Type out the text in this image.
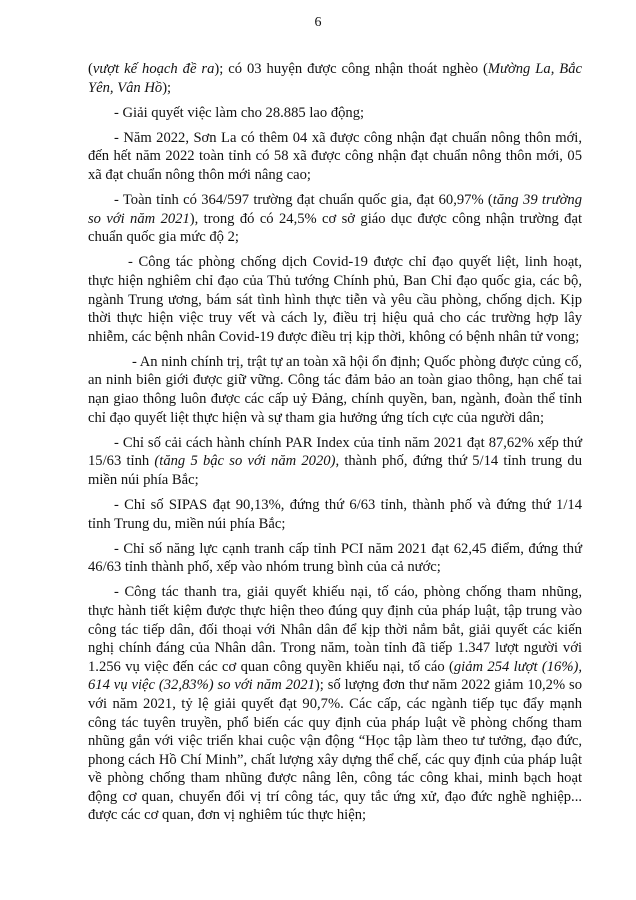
6

(vượt kế hoạch đề ra); có 03 huyện được công nhận thoát nghèo (Mường La, Bắc Yên, Vân Hồ);

- Giải quyết việc làm cho 28.885 lao động;

- Năm 2022, Sơn La có thêm 04 xã được công nhận đạt chuẩn nông thôn mới, đến hết năm 2022 toàn tỉnh có 58 xã được công nhận đạt chuẩn nông thôn mới, 05 xã đạt chuẩn nông thôn mới nâng cao;

- Toàn tỉnh có 364/597 trường đạt chuẩn quốc gia, đạt 60,97% (tăng 39 trường so với năm 2021), trong đó có 24,5% cơ sở giáo dục được công nhận trường đạt chuẩn quốc gia mức độ 2;

- Công tác phòng chống dịch Covid-19 được chỉ đạo quyết liệt, linh hoạt, thực hiện nghiêm chỉ đạo của Thủ tướng Chính phủ, Ban Chỉ đạo quốc gia, các bộ, ngành Trung ương, bám sát tình hình thực tiễn và yêu cầu phòng, chống dịch. Kịp thời thực hiện việc truy vết và cách ly, điều trị hiệu quả cho các trường hợp lây nhiễm, các bệnh nhân Covid-19 được điều trị kịp thời, không có bệnh nhân tử vong;

- An ninh chính trị, trật tự an toàn xã hội ổn định; Quốc phòng được củng cố, an ninh biên giới được giữ vững. Công tác đảm bảo an toàn giao thông, hạn chế tai nạn giao thông luôn được các cấp uỷ Đảng, chính quyền, ban, ngành, đoàn thể tỉnh chỉ đạo quyết liệt thực hiện và sự tham gia hưởng ứng tích cực của người dân;

- Chỉ số cải cách hành chính PAR Index của tỉnh năm 2021 đạt 87,62% xếp thứ 15/63 tỉnh (tăng 5 bậc so với năm 2020), thành phố, đứng thứ 5/14 tỉnh trung du miền núi phía Bắc;

- Chỉ số SIPAS đạt 90,13%, đứng thứ 6/63 tỉnh, thành phố và đứng thứ 1/14 tỉnh Trung du, miền núi phía Bắc;

- Chỉ số năng lực cạnh tranh cấp tỉnh PCI năm 2021 đạt 62,45 điểm, đứng thứ 46/63 tỉnh thành phố, xếp vào nhóm trung bình của cả nước;

- Công tác thanh tra, giải quyết khiếu nại, tố cáo, phòng chống tham nhũng, thực hành tiết kiệm được thực hiện theo đúng quy định của pháp luật, tập trung vào công tác tiếp dân, đối thoại với Nhân dân để kịp thời nắm bắt, giải quyết các kiến nghị chính đáng của Nhân dân. Trong năm, toàn tỉnh đã tiếp 1.347 lượt người với 1.256 vụ việc đến các cơ quan công quyền khiếu nại, tố cáo (giảm 254 lượt (16%), 614 vụ việc (32,83%) so với năm 2021); số lượng đơn thư năm 2022 giảm 10,2% so với năm 2021, tỷ lệ giải quyết đạt 90,7%. Các cấp, các ngành tiếp tục đẩy mạnh công tác tuyên truyền, phổ biến các quy định của pháp luật về phòng chống tham nhũng gắn với việc triển khai cuộc vận động “Học tập làm theo tư tưởng, đạo đức, phong cách Hồ Chí Minh”, chất lượng xây dựng thể chế, các quy định của pháp luật về phòng chống tham nhũng được nâng lên, công tác công khai, minh bạch hoạt động cơ quan, chuyển đổi vị trí công tác, quy tắc ứng xử, đạo đức nghề nghiệp... được các cơ quan, đơn vị nghiêm túc thực hiện;
